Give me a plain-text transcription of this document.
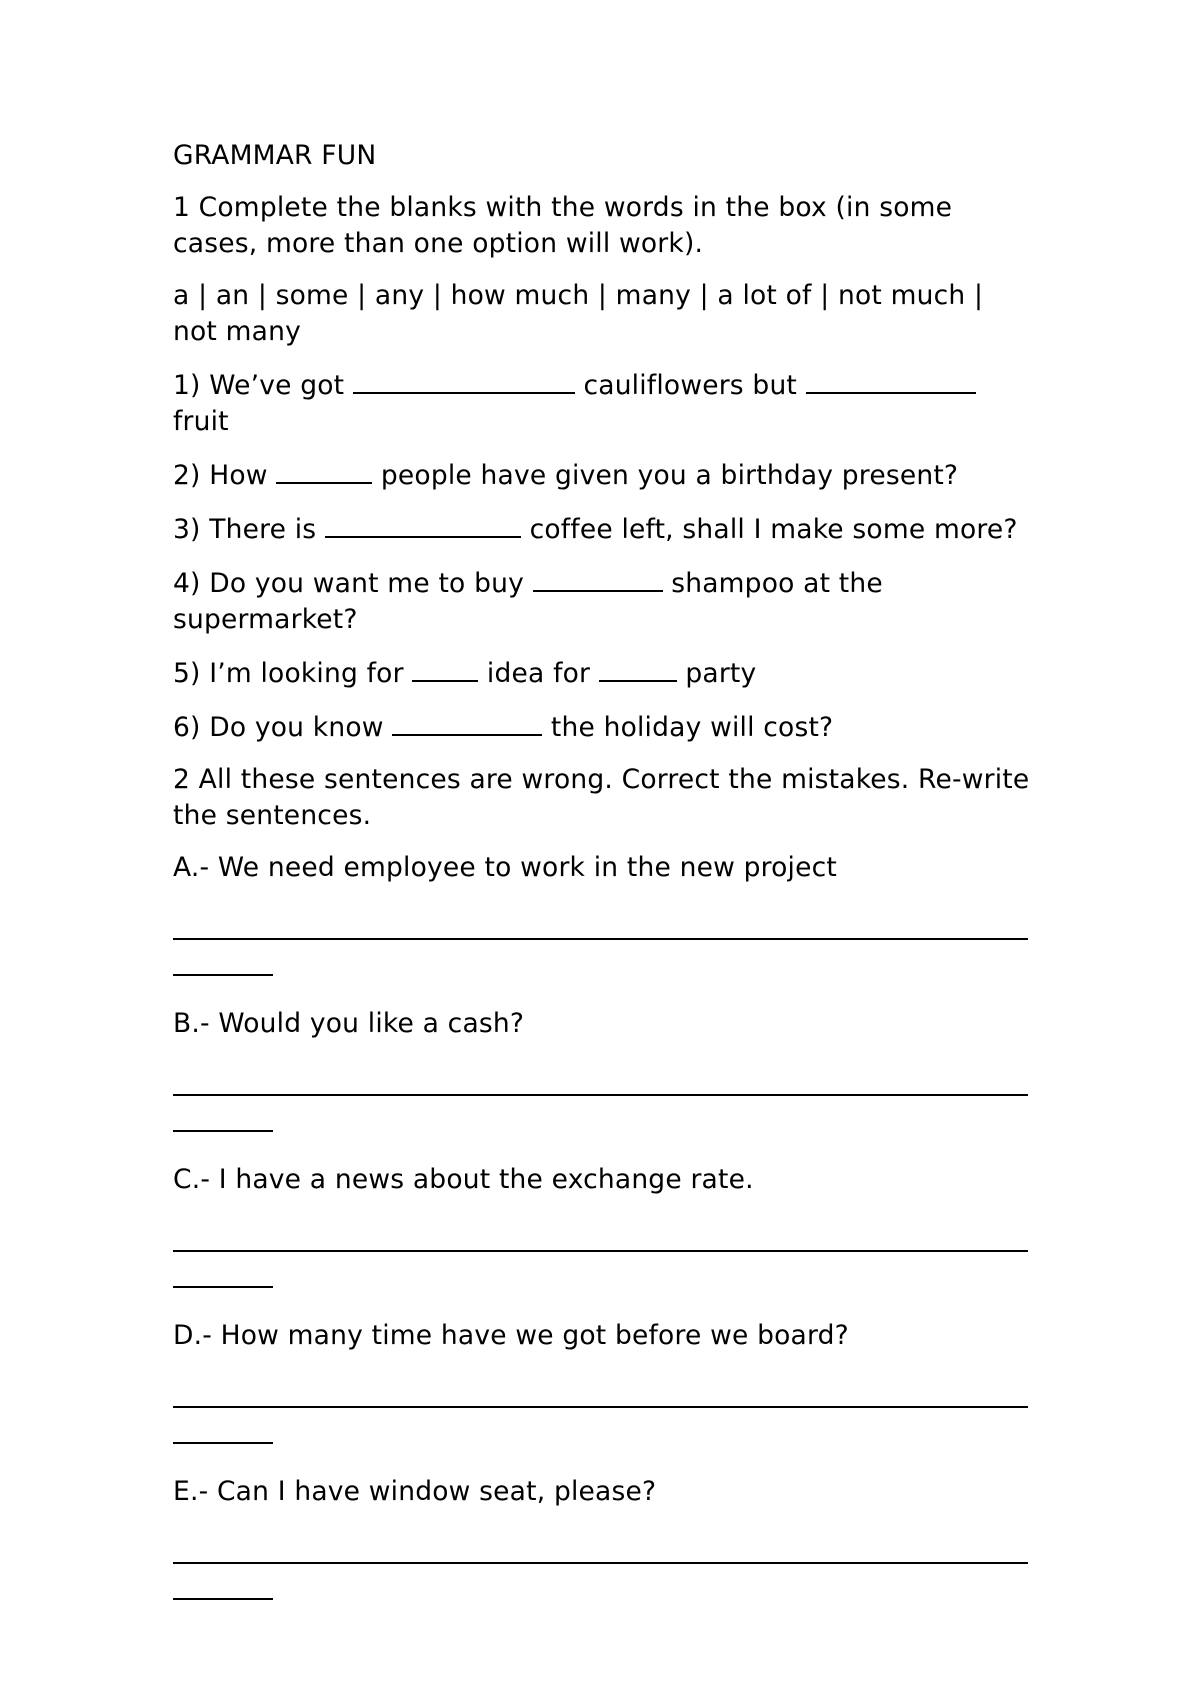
GRAMMAR FUN

1 Complete the blanks with the words in the box (in some cases, more than one option will work).

a | an | some | any | how much | many | a lot of | not much | not many

1) We’ve got	cauliflowers but
fruit

2) How	people have given you a birthday present?

3) There is	coffee left, shall I make some more?

4) Do you want me to buy	shampoo at the supermarket?

5) I’m looking for  idea for	party

6) Do you know	the holiday will cost?

2 All these sentences are wrong. Correct the mistakes. Re-write the sentences.

A.- We need employee to work in the new project

B.- Would you like a cash?

C.- I have a news about the exchange rate.

D.- How many time have we got before we board?

E.- Can I have window seat, please?
